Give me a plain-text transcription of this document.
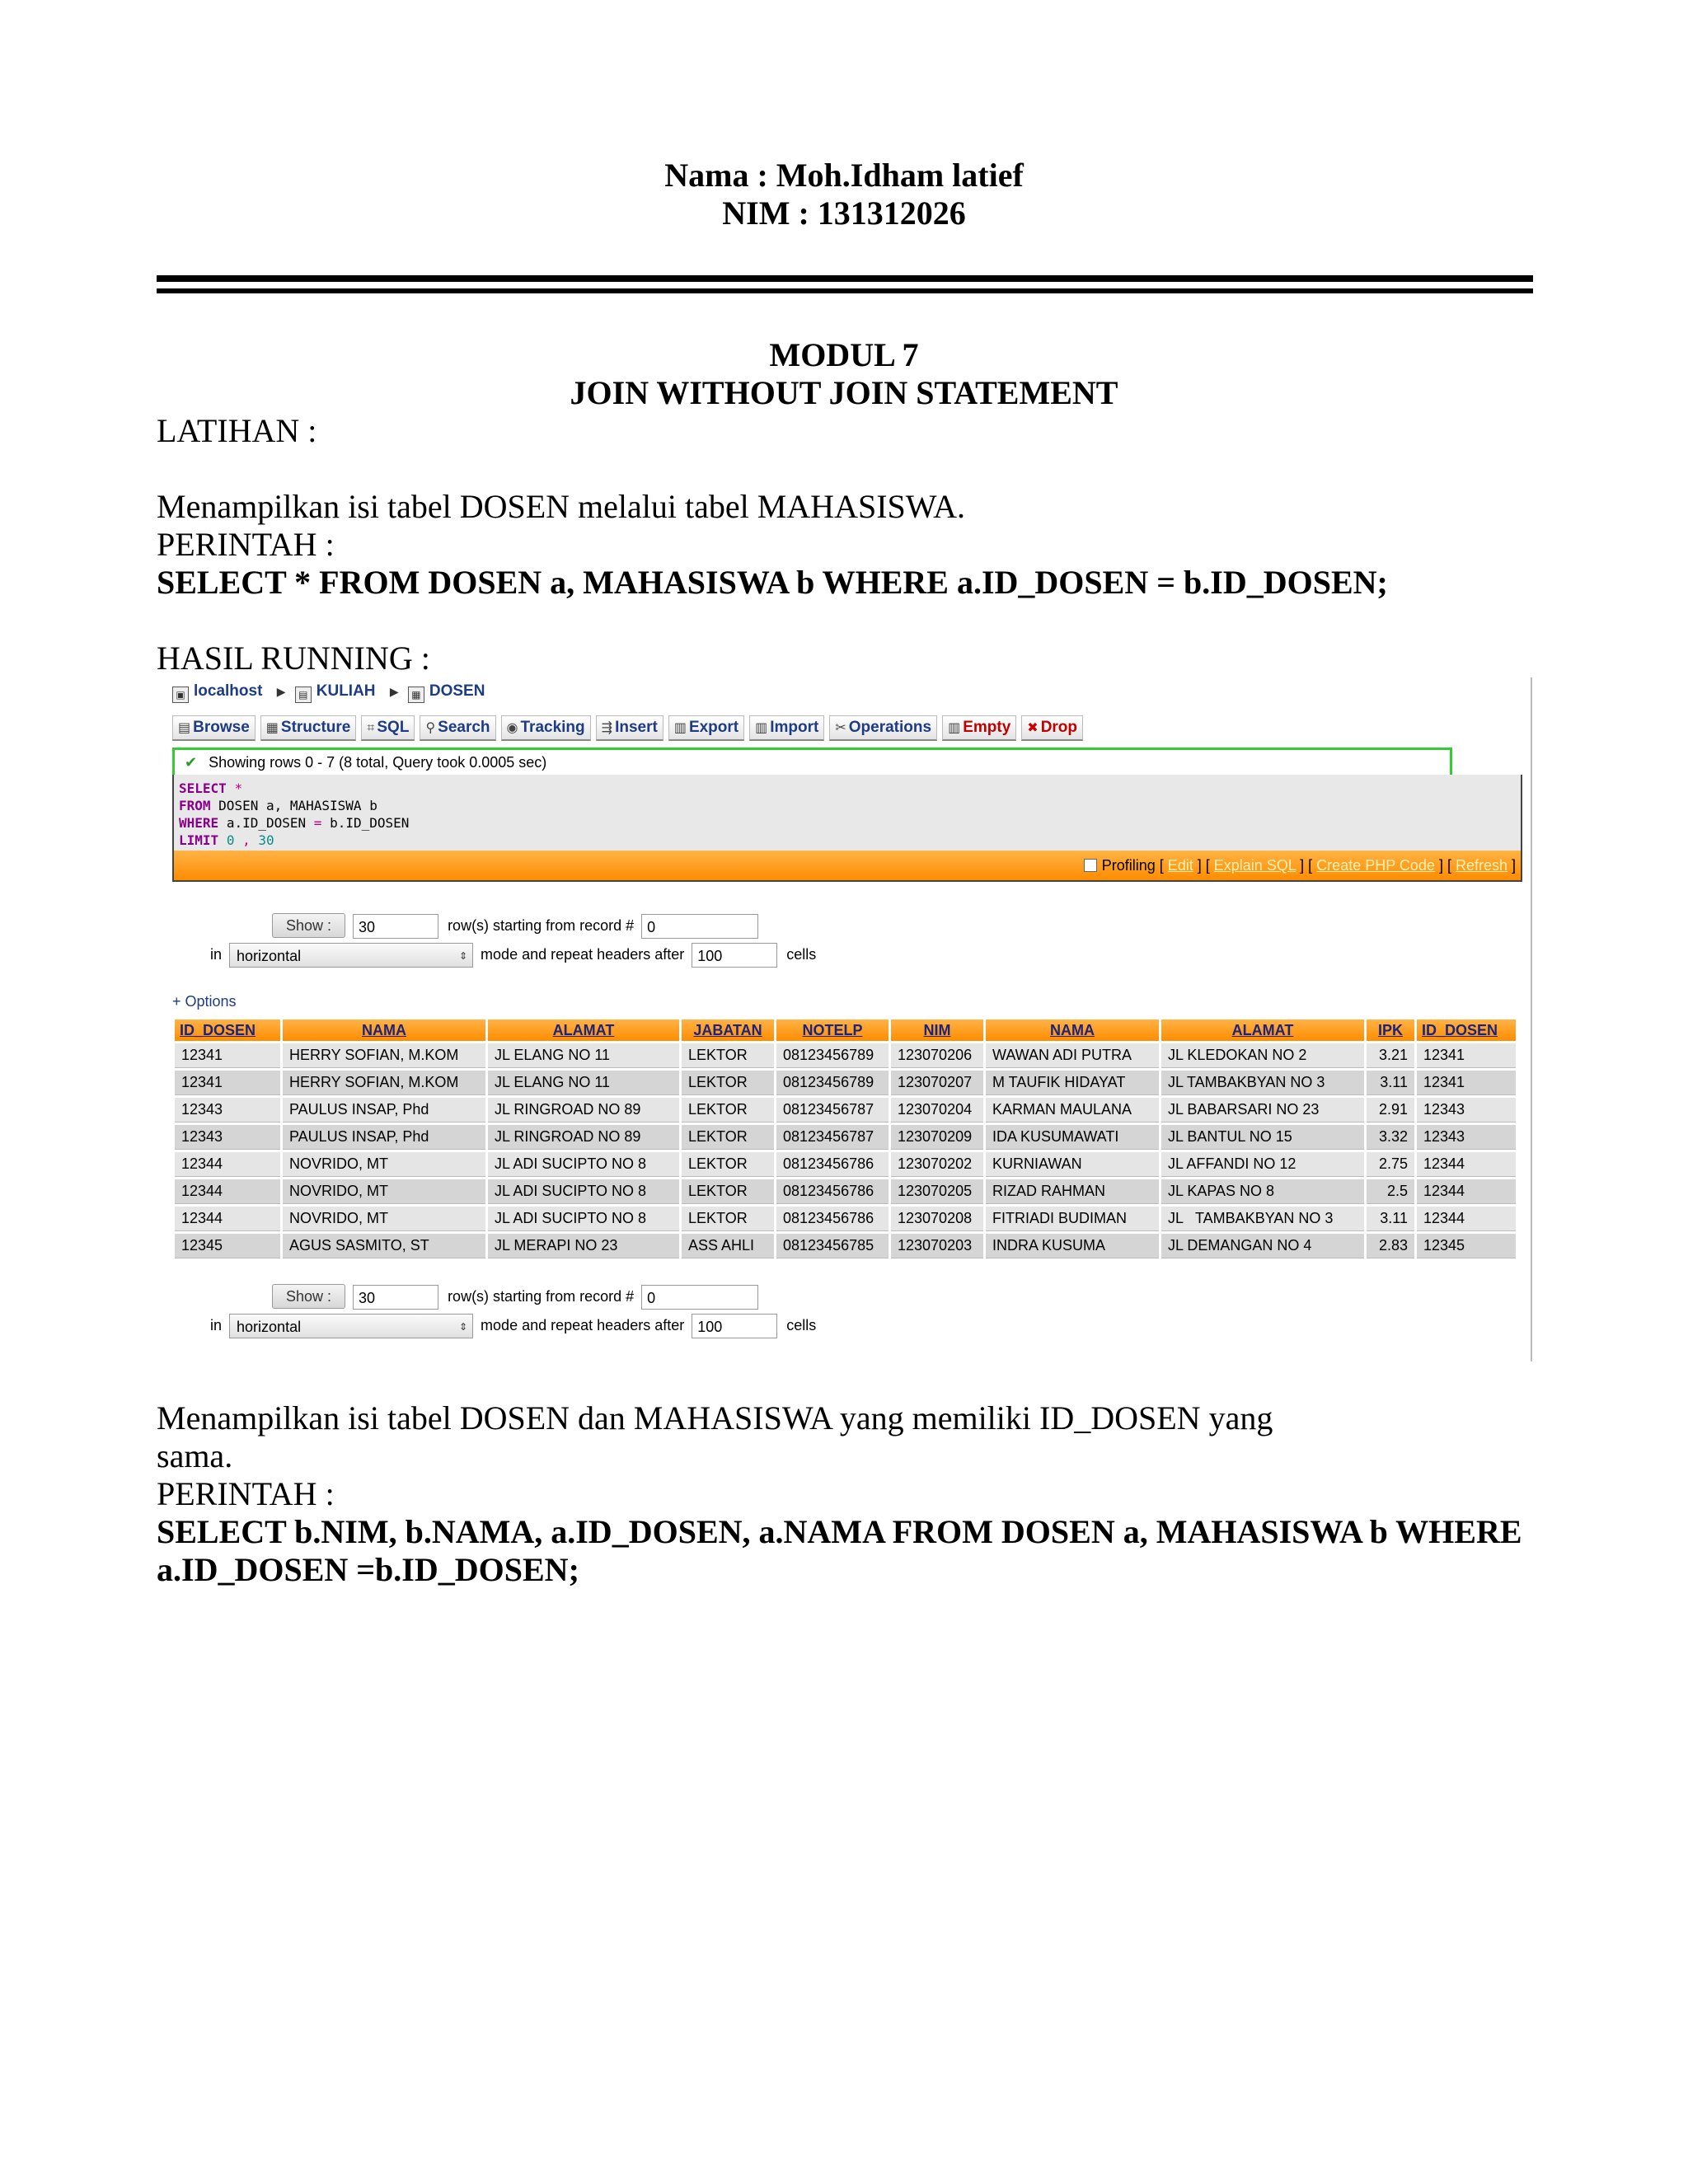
Nama : Moh.Idham latief
NIM : 131312026
MODUL 7
JOIN WITHOUT JOIN STATEMENT
LATIHAN :
Menampilkan isi tabel DOSEN melalui tabel MAHASISWA.
PERINTAH :
SELECT * FROM DOSEN a, MAHASISWA b WHERE a.ID_DOSEN = b.ID_DOSEN;
HASIL RUNNING :
▣ localhost ▶ ▤ KULIAH ▶ ▦ DOSEN
▤ Browse ▦ Structure ⌗ SQL ⚲ Search ◉ Tracking ⇶ Insert ▥ Export ▥ Import ✂ Operations ▥ Empty ✖ Drop
✔ Showing rows 0 - 7 (8 total, Query took 0.0005 sec)
SELECT *
FROM DOSEN a, MAHASISWA b
WHERE a.ID_DOSEN = b.ID_DOSEN
LIMIT 0 , 30
Profiling [ Edit ] [ Explain SQL ] [ Create PHP Code ] [ Refresh ]
Show : 30	row(s) starting from record # 0
in horizontal	⇕ mode and repeat headers after 100	cells
+ Options
ID_DOSEN	NAMA	ALAMAT	JABATAN	NOTELP	NIM	NAMA	ALAMAT	IPK	ID_DOSEN
12341	HERRY SOFIAN, M.KOM	JL ELANG NO 11	LEKTOR	08123456789	123070206	WAWAN ADI PUTRA	JL KLEDOKAN NO 2	3.21	12341
12341	HERRY SOFIAN, M.KOM	JL ELANG NO 11	LEKTOR	08123456789	123070207	M TAUFIK HIDAYAT	JL TAMBAKBYAN NO 3	3.11	12341
12343	PAULUS INSAP, Phd	JL RINGROAD NO 89	LEKTOR	08123456787	123070204	KARMAN MAULANA	JL BABARSARI NO 23	2.91	12343
12343	PAULUS INSAP, Phd	JL RINGROAD NO 89	LEKTOR	08123456787	123070209	IDA KUSUMAWATI	JL BANTUL NO 15	3.32	12343
12344	NOVRIDO, MT	JL ADI SUCIPTO NO 8	LEKTOR	08123456786	123070202	KURNIAWAN	JL AFFANDI NO 12	2.75	12344
12344	NOVRIDO, MT	JL ADI SUCIPTO NO 8	LEKTOR	08123456786	123070205	RIZAD RAHMAN	JL KAPAS NO 8	2.5	12344
12344	NOVRIDO, MT	JL ADI SUCIPTO NO 8	LEKTOR	08123456786	123070208	FITRIADI BUDIMAN	JL   TAMBAKBYAN NO 3	3.11	12344
12345	AGUS SASMITO, ST	JL MERAPI NO 23	ASS AHLI	08123456785	123070203	INDRA KUSUMA	JL DEMANGAN NO 4	2.83	12345
Show : 30	row(s) starting from record # 0
in horizontal	⇕ mode and repeat headers after 100	cells
Menampilkan isi tabel DOSEN dan MAHASISWA yang memiliki ID_DOSEN yang
sama.
PERINTAH :
SELECT b.NIM, b.NAMA, a.ID_DOSEN, a.NAMA FROM DOSEN a, MAHASISWA b WHERE
a.ID_DOSEN =b.ID_DOSEN;
